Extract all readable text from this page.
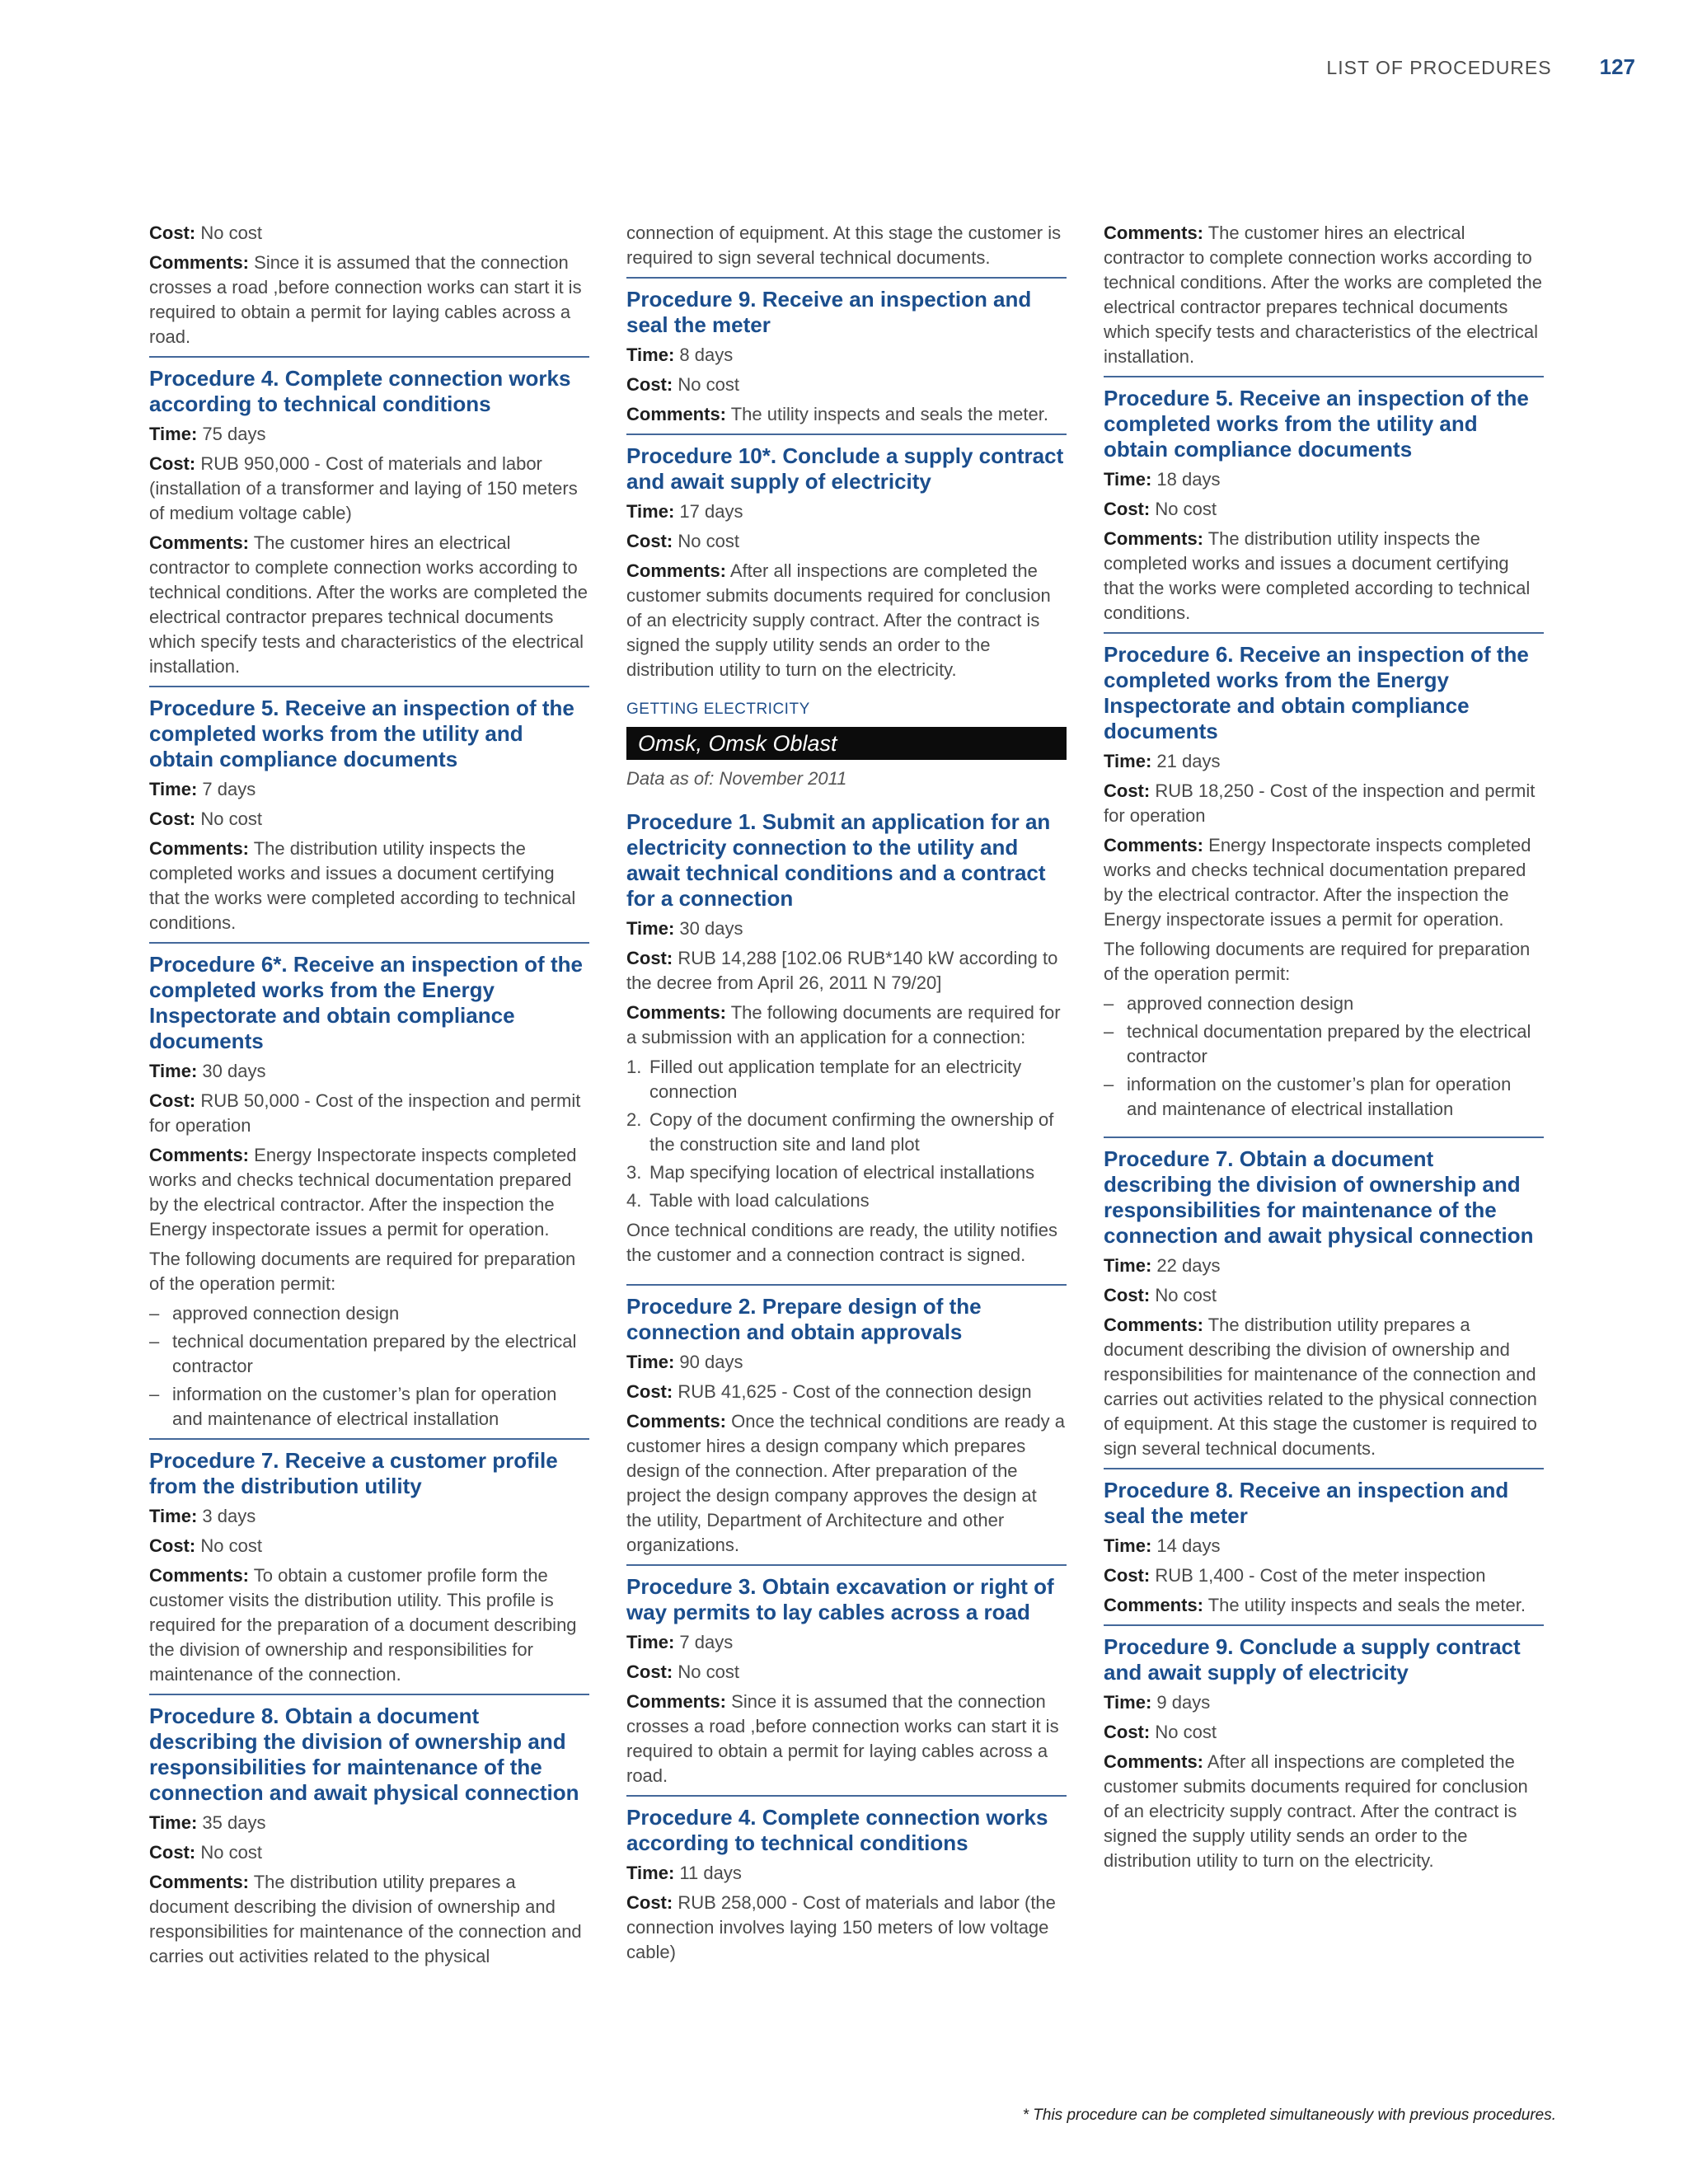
LIST OF PROCEDURES 127

Cost: No cost

Comments: Since it is assumed that the connection crosses a road ,before connection works can start it is required to obtain a permit for laying cables across a road.

Procedure 4. Complete connection works according to technical conditions

Time: 75 days

Cost: RUB 950,000 - Cost of materials and labor (installation of a transformer and laying of 150 meters of medium voltage cable)

Comments: The customer hires an electrical contractor to complete connection works according to technical conditions. After the works are completed the electrical contractor prepares technical documents which specify tests and characteristics of the electrical installation.

Procedure 5. Receive an inspection of the completed works from the utility and obtain compliance documents

Time: 7 days

Cost: No cost

Comments: The distribution utility inspects the completed works and issues a document certifying that the works were completed according to technical conditions.

Procedure 6*. Receive an inspection of the completed works from the Energy Inspectorate and obtain compliance documents

Time: 30 days

Cost: RUB 50,000 - Cost of the inspection and permit for operation

Comments: Energy Inspectorate inspects completed works and checks technical documentation prepared by the electrical contractor. After the inspection the Energy inspectorate issues a permit for operation.

The following documents are required for preparation of the operation permit:

– approved connection design
– technical documentation prepared by the electrical contractor
– information on the customer’s plan for operation and maintenance of electrical installation
Procedure 7. Receive a customer profile from the distribution utility

Time: 3 days

Cost: No cost

Comments: To obtain a customer profile form the customer visits the distribution utility. This profile is required for the preparation of a document describing the division of ownership and responsibilities for maintenance of the connection.

Procedure 8. Obtain a document describing the division of ownership and responsibilities for maintenance of the connection and await physical connection

Time: 35 days

Cost: No cost

Comments: The distribution utility prepares a document describing the division of ownership and responsibilities for maintenance of the connection and carries out activities related to the physical

connection of equipment. At this stage the customer is required to sign several technical documents.

Procedure 9. Receive an inspection and seal the meter

Time: 8 days

Cost: No cost

Comments: The utility inspects and seals the meter.

Procedure 10*. Conclude a supply contract and await supply of electricity

Time: 17 days

Cost: No cost

Comments: After all inspections are completed the customer submits documents required for conclusion of an electricity supply contract. After the contract is signed the supply utility sends an order to the distribution utility to turn on the electricity.

GETTING ELECTRICITY
Omsk, Omsk Oblast
Data as of: November 2011
Procedure 1. Submit an application for an electricity connection to the utility and await technical conditions and a contract for a connection

Time: 30 days

Cost: RUB 14,288 [102.06 RUB*140 kW according to the decree from April 26, 2011 N 79/20]

Comments: The following documents are required for a submission with an application for a connection:

1. Filled out application template for an electricity connection
2. Copy of the document confirming the ownership of the construction site and land plot
3. Map specifying location of electrical installations
4. Table with load calculations

Once technical conditions are ready, the utility notifies the customer and a connection contract is signed.

Procedure 2. Prepare design of the connection and obtain approvals

Time: 90 days

Cost: RUB 41,625 - Cost of the connection design

Comments: Once the technical conditions are ready a customer hires a design company which prepares design of the connection. After preparation of the project the design company approves the design at the utility, Department of Architecture and other organizations.

Procedure 3. Obtain excavation or right of way permits to lay cables across a road

Time: 7 days

Cost: No cost

Comments: Since it is assumed that the connection crosses a road ,before connection works can start it is required to obtain a permit for laying cables across a road.

Procedure 4. Complete connection works according to technical conditions

Time: 11 days

Cost: RUB 258,000 - Cost of materials and labor (the connection involves laying 150 meters of low voltage cable)

Comments: The customer hires an electrical contractor to complete connection works according to technical conditions. After the works are completed the electrical contractor prepares technical documents which specify tests and characteristics of the electrical installation.

Procedure 5. Receive an inspection of the completed works from the utility and obtain compliance documents

Time: 18 days

Cost: No cost

Comments: The distribution utility inspects the completed works and issues a document certifying that the works were completed according to technical conditions.

Procedure 6. Receive an inspection of the completed works from the Energy Inspectorate and obtain compliance documents

Time: 21 days

Cost: RUB 18,250 - Cost of the inspection and permit for operation

Comments: Energy Inspectorate inspects completed works and checks technical documentation prepared by the electrical contractor. After the inspection the Energy inspectorate issues a permit for operation.

The following documents are required for preparation of the operation permit:

– approved connection design
– technical documentation prepared by the electrical contractor
– information on the customer’s plan for operation and maintenance of electrical installation
Procedure 7. Obtain a document describing the division of ownership and responsibilities for maintenance of the connection and await physical connection

Time: 22 days

Cost: No cost

Comments: The distribution utility prepares a document describing the division of ownership and responsibilities for maintenance of the connection and carries out activities related to the physical connection of equipment. At this stage the customer is required to sign several technical documents.

Procedure 8. Receive an inspection and seal the meter

Time: 14 days

Cost: RUB 1,400 - Cost of the meter inspection

Comments: The utility inspects and seals the meter.

Procedure 9. Conclude a supply contract and await supply of electricity

Time: 9 days

Cost: No cost

Comments: After all inspections are completed the customer submits documents required for conclusion of an electricity supply contract. After the contract is signed the supply utility sends an order to the distribution utility to turn on the electricity.

* This procedure can be completed simultaneously with previous procedures.
